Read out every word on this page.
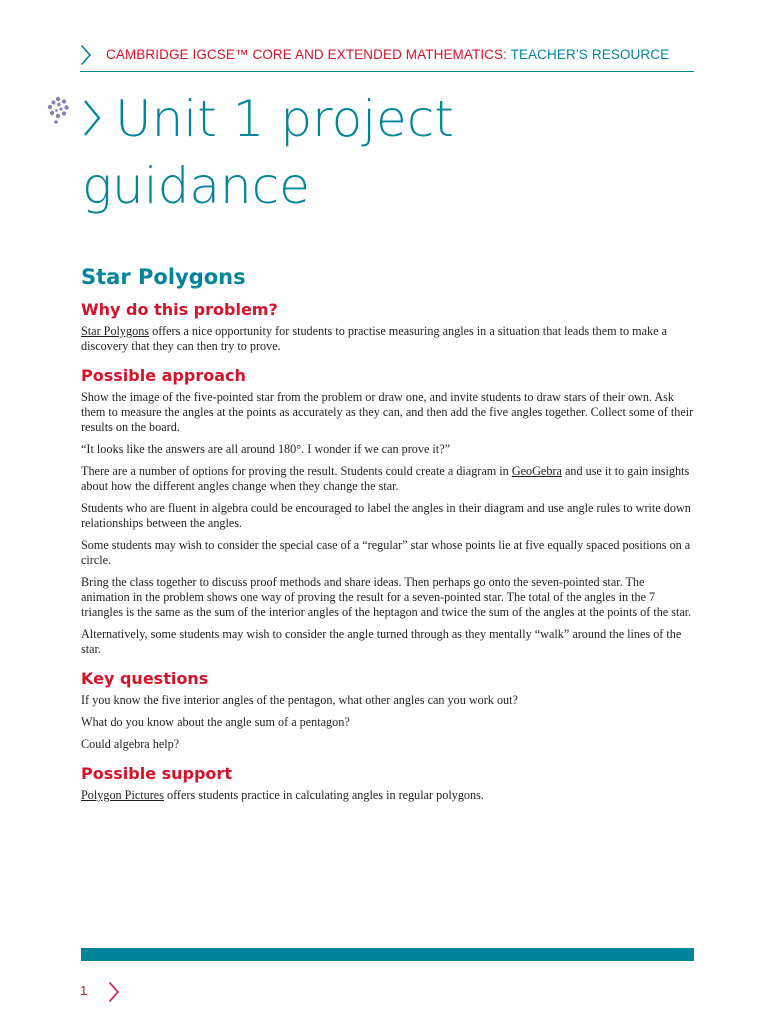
CAMBRIDGE IGCSE™ CORE AND EXTENDED MATHEMATICS: TEACHER’S RESOURCE
Unit 1 project
guidance
Star Polygons
Why do this problem?

Star Polygons offers a nice opportunity for students to practise measuring angles in a situation that leads them to make a discovery that they can then try to prove.

Possible approach

Show the image of the five-pointed star from the problem or draw one, and invite students to draw stars of their own. Ask them to measure the angles at the points as accurately as they can, and then add the five angles together. Collect some of their results on the board.

“It looks like the answers are all around 180°. I wonder if we can prove it?”

There are a number of options for proving the result. Students could create a diagram in GeoGebra and use it to gain insights about how the different angles change when they change the star.

Students who are fluent in algebra could be encouraged to label the angles in their diagram and use angle rules to write down relationships between the angles.

Some students may wish to consider the special case of a “regular” star whose points lie at five equally spaced positions on a circle.

Bring the class together to discuss proof methods and share ideas. Then perhaps go onto the seven-pointed star. The animation in the problem shows one way of proving the result for a seven-pointed star. The total of the angles in the 7 triangles is the same as the sum of the interior angles of the heptagon and twice the sum of the angles at the points of the star.

Alternatively, some students may wish to consider the angle turned through as they mentally “walk” around the lines of the star.

Key questions

If you know the five interior angles of the pentagon, what other angles can you work out?

What do you know about the angle sum of a pentagon?

Could algebra help?

Possible support

Polygon Pictures offers students practice in calculating angles in regular polygons.

1
